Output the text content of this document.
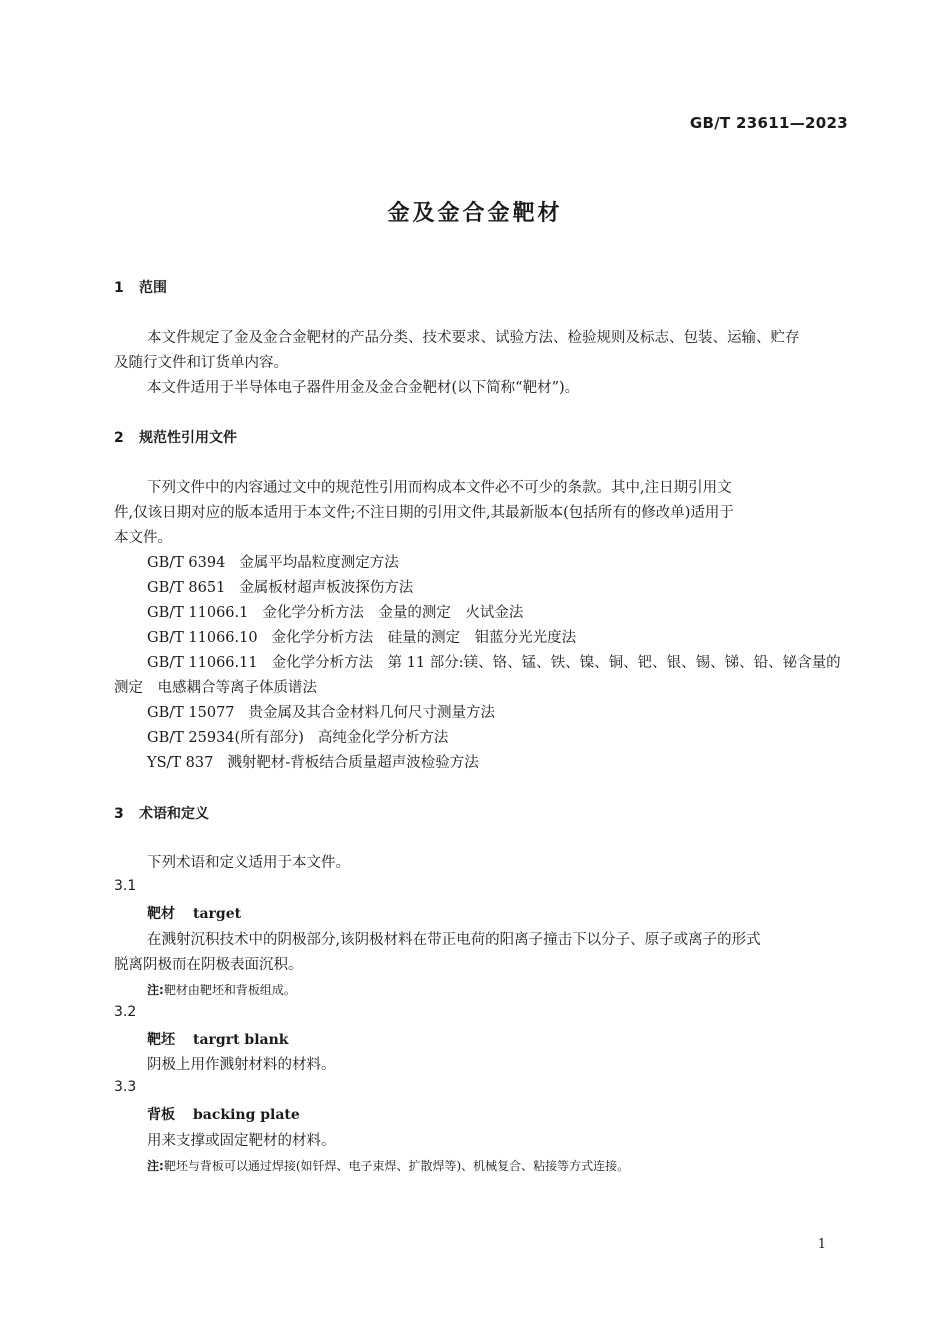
GB/T 23611—2023
金及金合金靶材
1 范围
本文件规定了金及金合金靶材的产品分类、技术要求、试验方法、检验规则及标志、包装、运输、贮存
及随行文件和订货单内容。
本文件适用于半导体电子器件用金及金合金靶材(以下简称“靶材”)。
2 规范性引用文件
下列文件中的内容通过文中的规范性引用而构成本文件必不可少的条款。其中,注日期引用文
件,仅该日期对应的版本适用于本文件;不注日期的引用文件,其最新版本(包括所有的修改单)适用于
本文件。
GB/T 6394 金属平均晶粒度测定方法
GB/T 8651 金属板材超声板波探伤方法
GB/T 11066.1 金化学分析方法　金量的测定　火试金法
GB/T 11066.10 金化学分析方法　硅量的测定　钼蓝分光光度法
GB/T 11066.11 金化学分析方法　第 11 部分:镁、铬、锰、铁、镍、铜、钯、银、锡、锑、铅、铋含量的
测定　电感耦合等离子体质谱法
GB/T 15077 贵金属及其合金材料几何尺寸测量方法
GB/T 25934(所有部分) 高纯金化学分析方法
YS/T 837 溅射靶材-背板结合质量超声波检验方法
3 术语和定义
下列术语和定义适用于本文件。
3.1
靶材 target
在溅射沉积技术中的阴极部分,该阴极材料在带正电荷的阳离子撞击下以分子、原子或离子的形式
脱离阴极而在阴极表面沉积。
注:靶材由靶坯和背板组成。
3.2
靶坯 targrt blank
阴极上用作溅射材料的材料。
3.3
背板 backing plate
用来支撑或固定靶材的材料。
注:靶坯与背板可以通过焊接(如钎焊、电子束焊、扩散焊等)、机械复合、粘接等方式连接。
1
